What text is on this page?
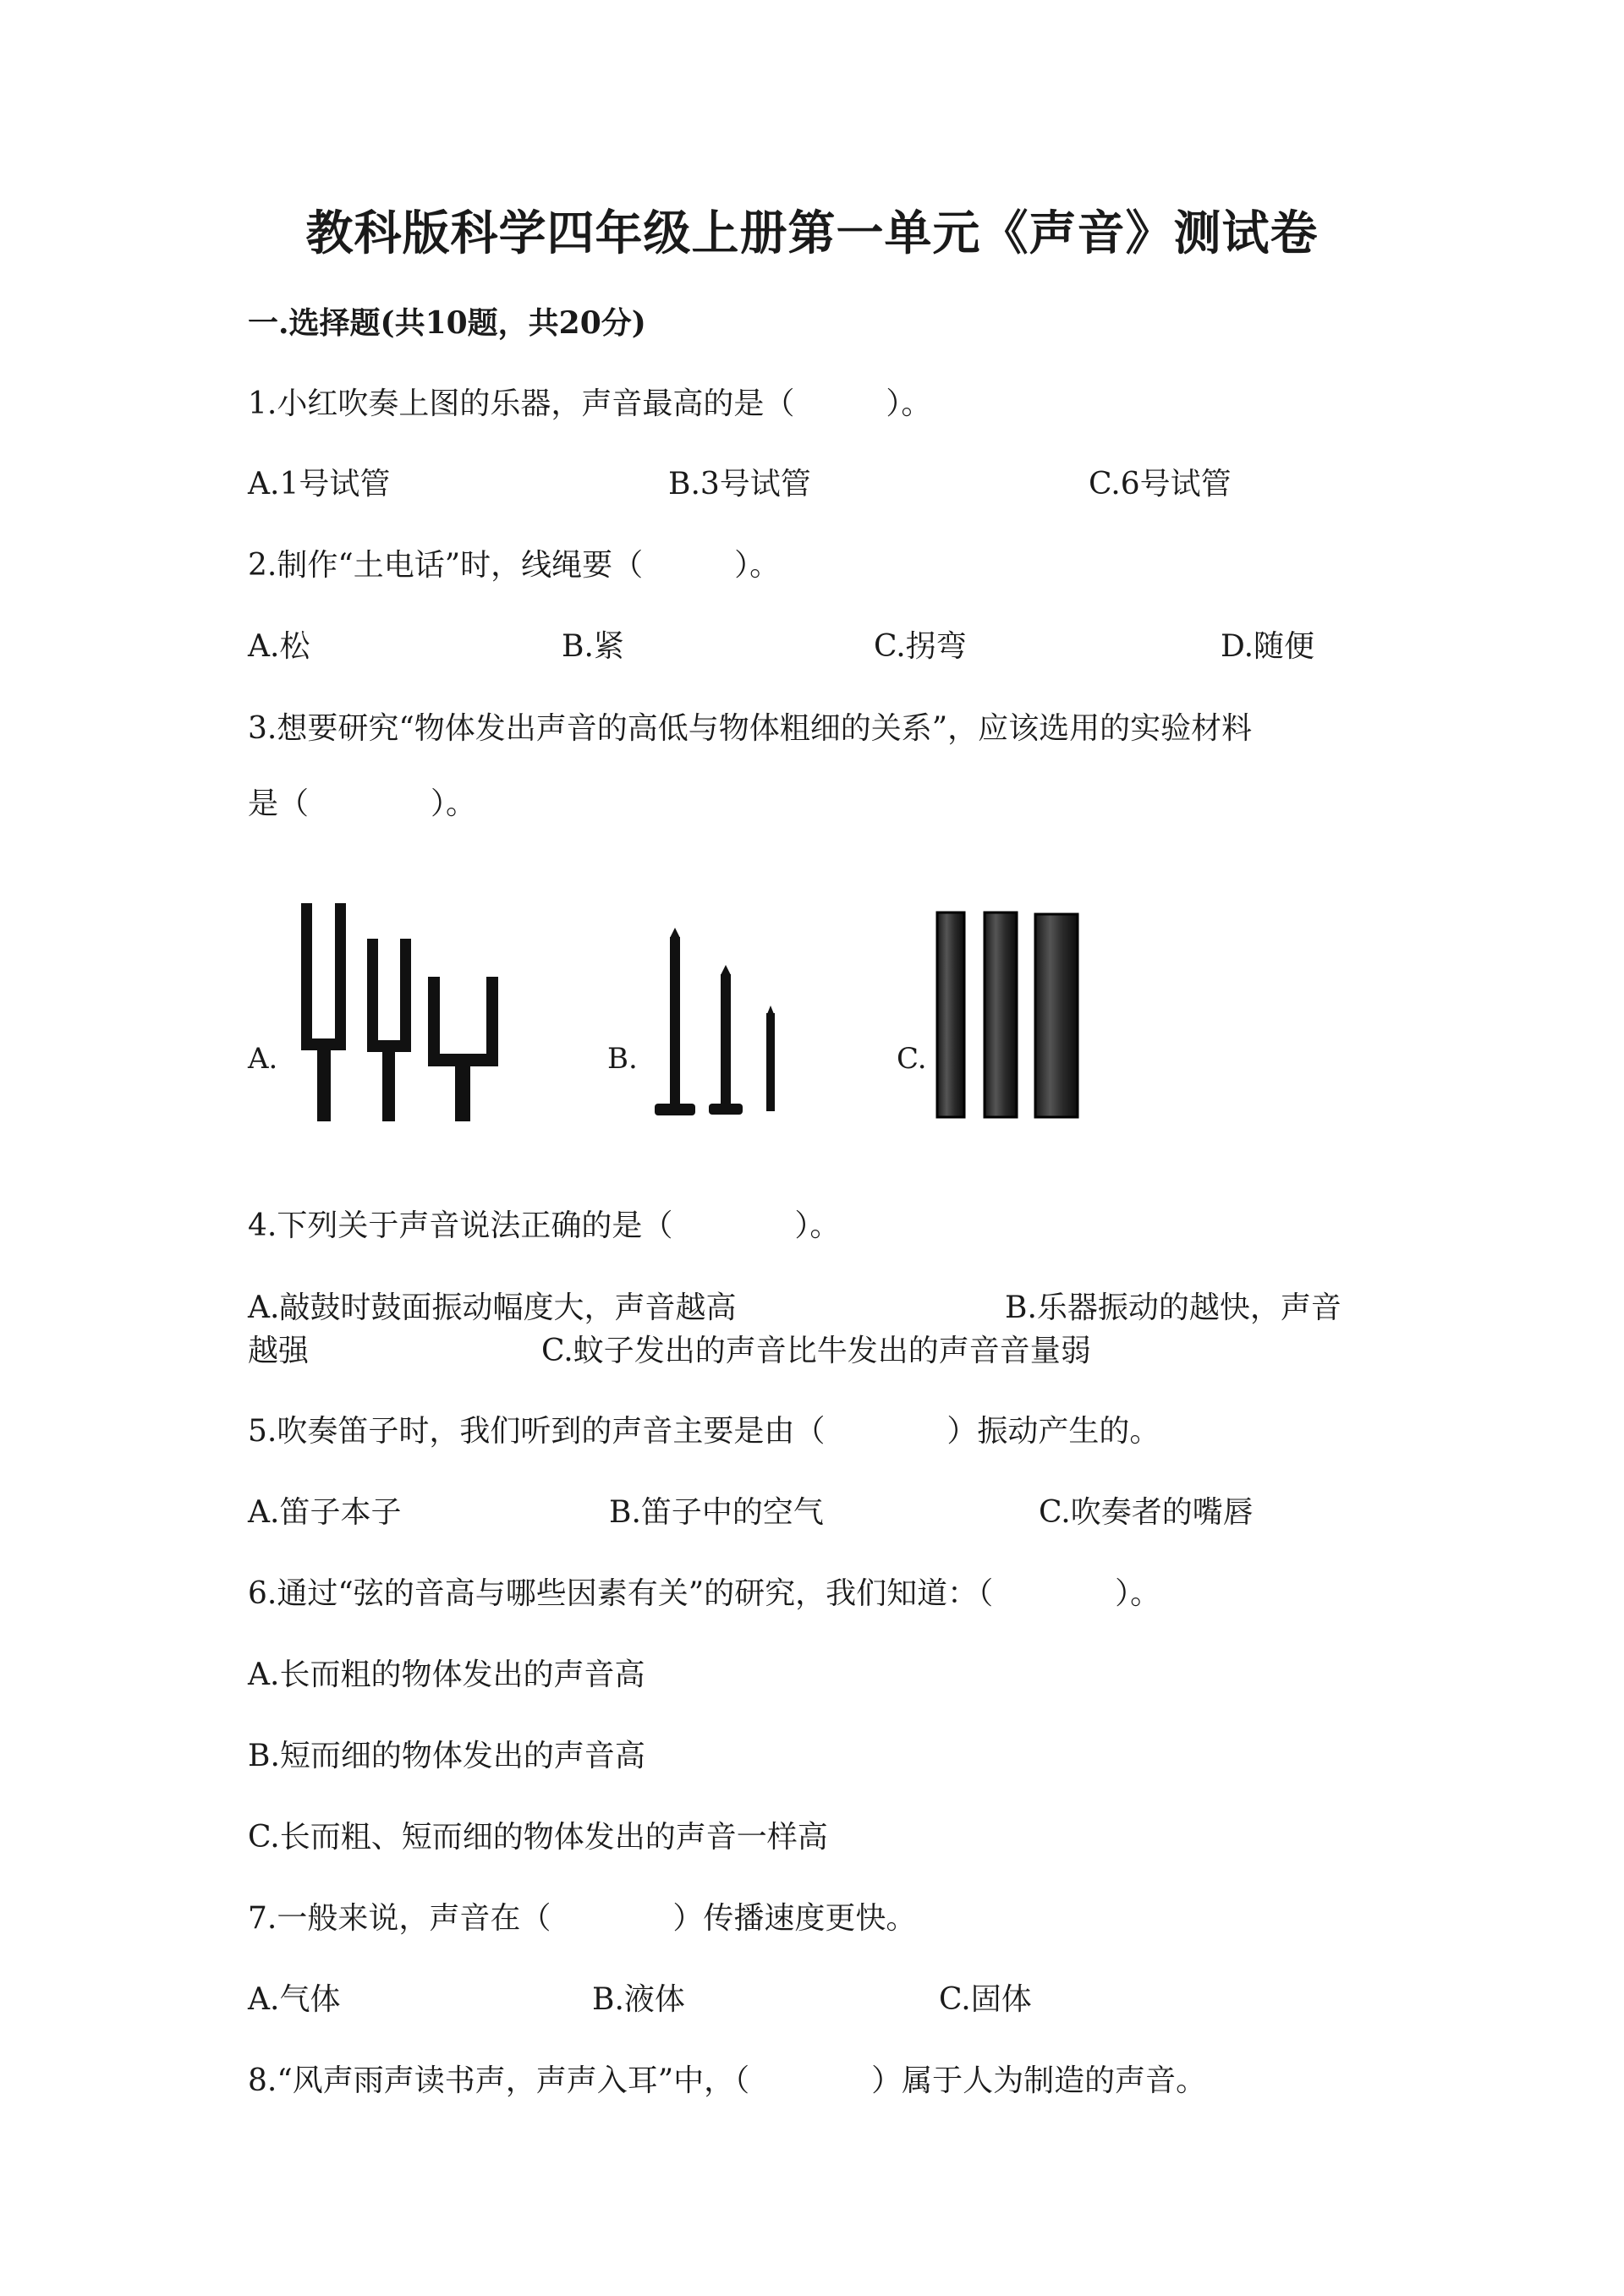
教科版科学四年级上册第一单元《声音》测试卷
一.选择题(共10题，共20分)
1.小红吹奏上图的乐器，声音最高的是（　　　）。
A.1号试管	B.3号试管	C.6号试管
2.制作“土电话”时，线绳要（　　　）。
A.松	B.紧	C.拐弯	D.随便
3.想要研究“物体发出声音的高低与物体粗细的关系”，应该选用的实验材料
是（　　　　）。
A.	B.	C.
4.下列关于声音说法正确的是（　　　　）。
A.敲鼓时鼓面振动幅度大，声音越高	B.乐器振动的越快，声音
越强	C.蚊子发出的声音比牛发出的声音音量弱
5.吹奏笛子时，我们听到的声音主要是由（　　　　）振动产生的。
A.笛子本子	B.笛子中的空气	C.吹奏者的嘴唇
6.通过“弦的音高与哪些因素有关”的研究，我们知道：（　　　　）。
A.长而粗的物体发出的声音高
B.短而细的物体发出的声音高
C.长而粗、短而细的物体发出的声音一样高
7.一般来说，声音在（　　　　）传播速度更快。
A.气体	B.液体	C.固体
8.“风声雨声读书声，声声入耳”中，（　　　　）属于人为制造的声音。
